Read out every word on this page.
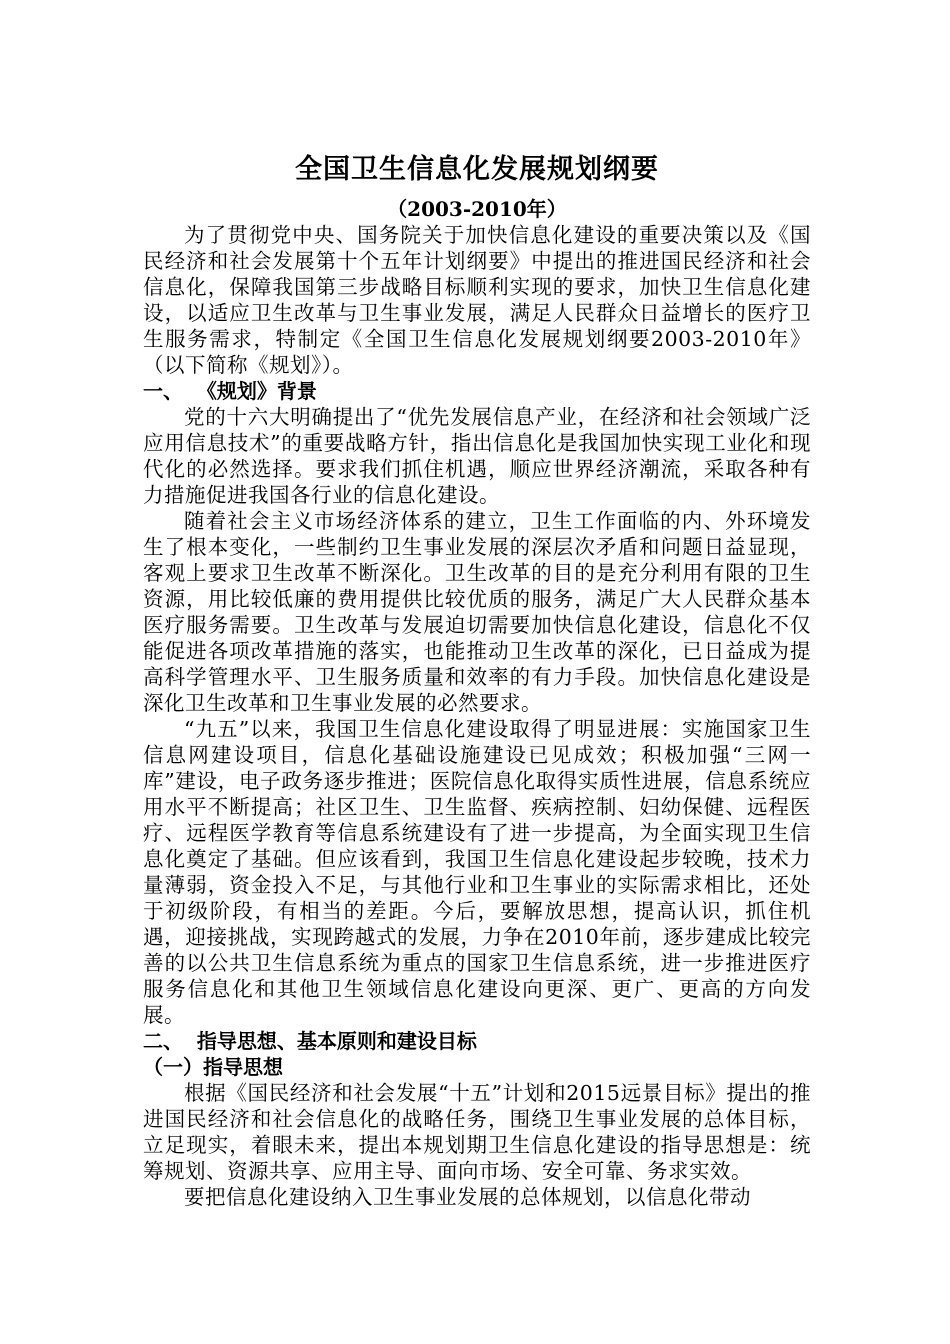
全国卫生信息化发展规划纲要

（2003-2010年）

为了贯彻党中央、国务院关于加快信息化建设的重要决策以及《国民经济和社会发展第十个五年计划纲要》中提出的推进国民经济和社会信息化，保障我国第三步战略目标顺利实现的要求，加快卫生信息化建设，以适应卫生改革与卫生事业发展，满足人民群众日益增长的医疗卫生服务需求，特制定《全国卫生信息化发展规划纲要2003-2010年》（以下简称《规划》）。

一、  《规划》背景

党的十六大明确提出了“优先发展信息产业，在经济和社会领域广泛应用信息技术”的重要战略方针，指出信息化是我国加快实现工业化和现代化的必然选择。要求我们抓住机遇，顺应世界经济潮流，采取各种有力措施促进我国各行业的信息化建设。

随着社会主义市场经济体系的建立，卫生工作面临的内、外环境发生了根本变化，一些制约卫生事业发展的深层次矛盾和问题日益显现，客观上要求卫生改革不断深化。卫生改革的目的是充分利用有限的卫生资源，用比较低廉的费用提供比较优质的服务，满足广大人民群众基本医疗服务需要。卫生改革与发展迫切需要加快信息化建设，信息化不仅能促进各项改革措施的落实，也能推动卫生改革的深化，已日益成为提高科学管理水平、卫生服务质量和效率的有力手段。加快信息化建设是深化卫生改革和卫生事业发展的必然要求。

“九五”以来，我国卫生信息化建设取得了明显进展：实施国家卫生信息网建设项目，信息化基础设施建设已见成效；积极加强“三网一库”建设，电子政务逐步推进；医院信息化取得实质性进展，信息系统应用水平不断提高；社区卫生、卫生监督、疾病控制、妇幼保健、远程医疗、远程医学教育等信息系统建设有了进一步提高，为全面实现卫生信息化奠定了基础。但应该看到，我国卫生信息化建设起步较晚，技术力量薄弱，资金投入不足，与其他行业和卫生事业的实际需求相比，还处于初级阶段，有相当的差距。今后，要解放思想，提高认识，抓住机遇，迎接挑战，实现跨越式的发展，力争在2010年前，逐步建成比较完善的以公共卫生信息系统为重点的国家卫生信息系统，进一步推进医疗服务信息化和其他卫生领域信息化建设向更深、更广、更高的方向发展。

二、  指导思想、基本原则和建设目标

（一）指导思想

根据《国民经济和社会发展“十五”计划和2015远景目标》提出的推进国民经济和社会信息化的战略任务，围绕卫生事业发展的总体目标，立足现实，着眼未来，提出本规划期卫生信息化建设的指导思想是：统筹规划、资源共享、应用主导、面向市场、安全可靠、务求实效。

要把信息化建设纳入卫生事业发展的总体规划，以信息化带动
